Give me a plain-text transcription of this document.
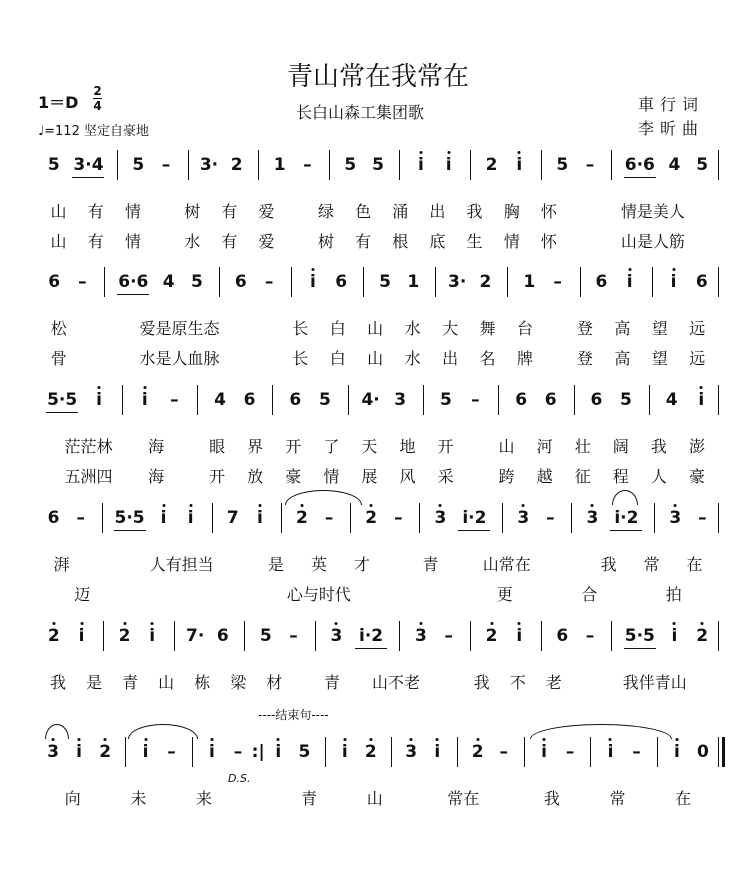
青山常在我常在
长白山森工集团歌	車行词
李昕曲
1＝D
2
4
♩=112 坚定自豪地
----结束句----
5 3·4 5 – 3· 2 1 – 5 5 i i 2 i 5 – 6·6 4 5
山 有 情	树 有 爱	绿 色 涌 出 我 胸 怀	情是美人
山 有 情	水 有 爱	树 有 根 底 生 情 怀	山是人筋
6 – 6·6 4 5 6 – i 6 5 1 3· 2 1 – 6 i i 6
松	爱是原生态	长 白 山 水 大 舞 台	登 高 望 远
骨	水是人血脉	长 白 山 水 出 名 牌	登 高 望 远
5·5 i i – 4 6 6 5 4· 3 5 – 6 6 6 5 4 i
茫茫林 海	眼 界 开 了 天 地 开	山 河 壮 阔 我 澎
五洲四 海	开 放 豪 情 展 风 采	跨 越 征 程 人 豪
6 – 5·5 i i 7 i 2 – 2 – 3 i·2 3 – 3 i·2 3 –
湃	人有担当	是 英 才	青	山常在	我 常 在
迈	心与时代	更	合	拍
2 i 2 i 7· 6 5 – 3 i·2 3 – 2 i 6 – 5·5 i 2
我 是 青 山 栋 梁 材	青 山不老	我 不 老	我伴青山
3 i 2 i – i – :| i 5 i 2 3 i 2 – i – i – i 0
向	未	来	青	山	常在	我	常	在
D.S.
